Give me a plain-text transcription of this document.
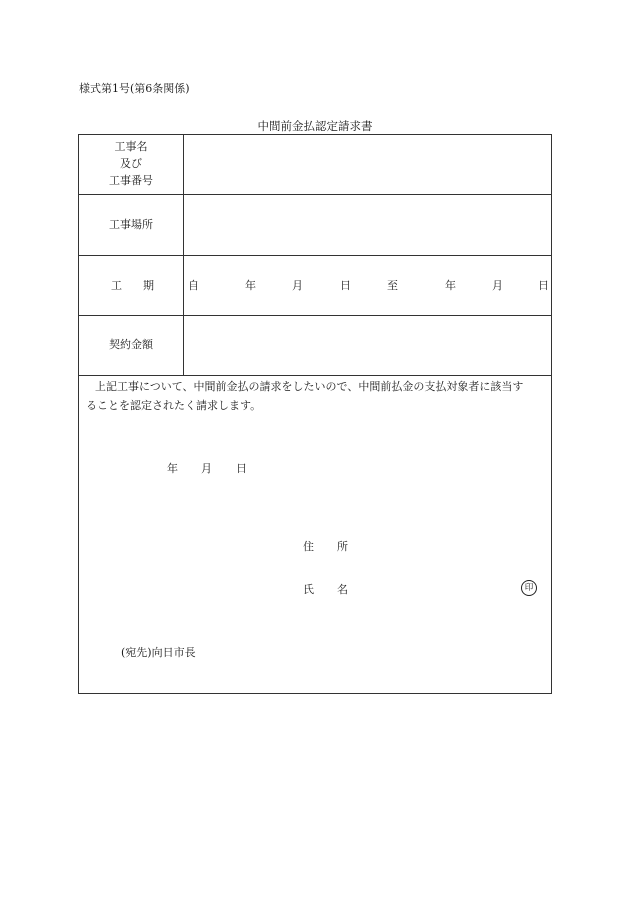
様式第1号(第6条関係)
中間前金払認定請求書
工事名
及び
工事番号
工事場所
工 期	自	年	月	日	至	年	月	日
契約金額
上記工事について、中間前金払の請求をしたいので、中間前払金の支払対象者に該当す
ることを認定されたく請求します。
年 月 日
住 所
氏 名	印
(宛先)向日市長
